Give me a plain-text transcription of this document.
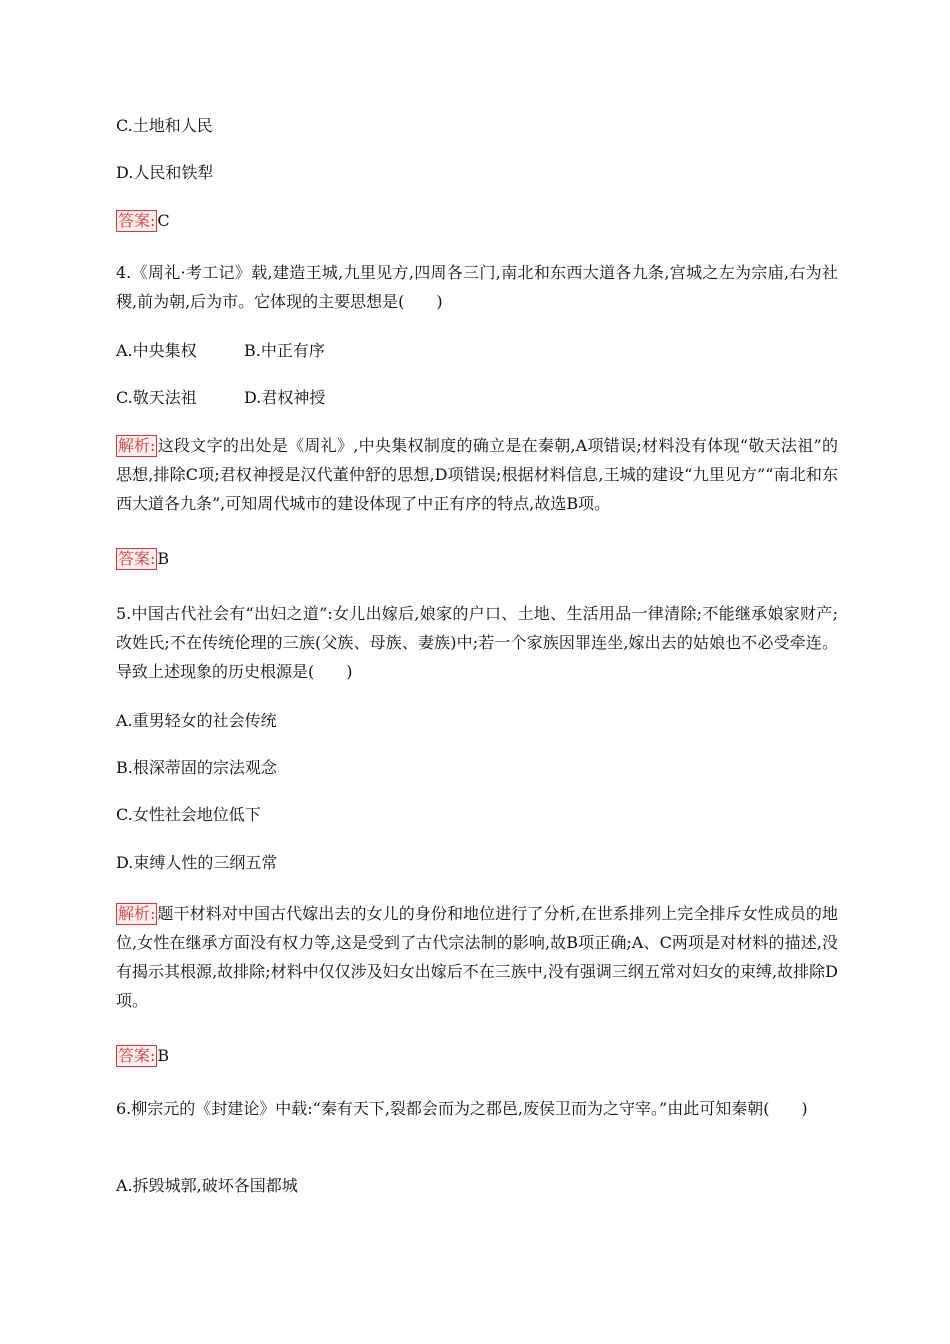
C.土地和人民
D.人民和铁犁
答案: C
4.《周礼·考工记》载,建造王城,九里见方,四周各三门,南北和东西大道各九条,宫城之左为宗庙,右为社稷,前为朝,后为市。它体现的主要思想是(　　)
A.中央集权	B.中正有序
C.敬天法祖	D.君权神授
解析: 这段文字的出处是《周礼》,中央集权制度的确立是在秦朝,A项错误;材料没有体现“敬天法祖”的思想,排除C项;君权神授是汉代董仲舒的思想,D项错误;根据材料信息,王城的建设“九里见方”“南北和东西大道各九条”,可知周代城市的建设体现了中正有序的特点,故选B项。
答案: B
5.中国古代社会有“出妇之道”:女儿出嫁后,娘家的户口、土地、生活用品一律清除;不能继承娘家财产;改姓氏;不在传统伦理的三族(父族、母族、妻族)中;若一个家族因罪连坐,嫁出去的姑娘也不必受牵连。导致上述现象的历史根源是(　　)
A.重男轻女的社会传统
B.根深蒂固的宗法观念
C.女性社会地位低下
D.束缚人性的三纲五常
解析: 题干材料对中国古代嫁出去的女儿的身份和地位进行了分析,在世系排列上完全排斥女性成员的地位,女性在继承方面没有权力等,这是受到了古代宗法制的影响,故B项正确;A、C两项是对材料的描述,没有揭示其根源,故排除;材料中仅仅涉及妇女出嫁后不在三族中,没有强调三纲五常对妇女的束缚,故排除D项。
答案: B
6.柳宗元的《封建论》中载:“秦有天下,裂都会而为之郡邑,废侯卫而为之守宰。”由此可知秦朝(　　)
A.拆毁城郭,破坏各国都城
